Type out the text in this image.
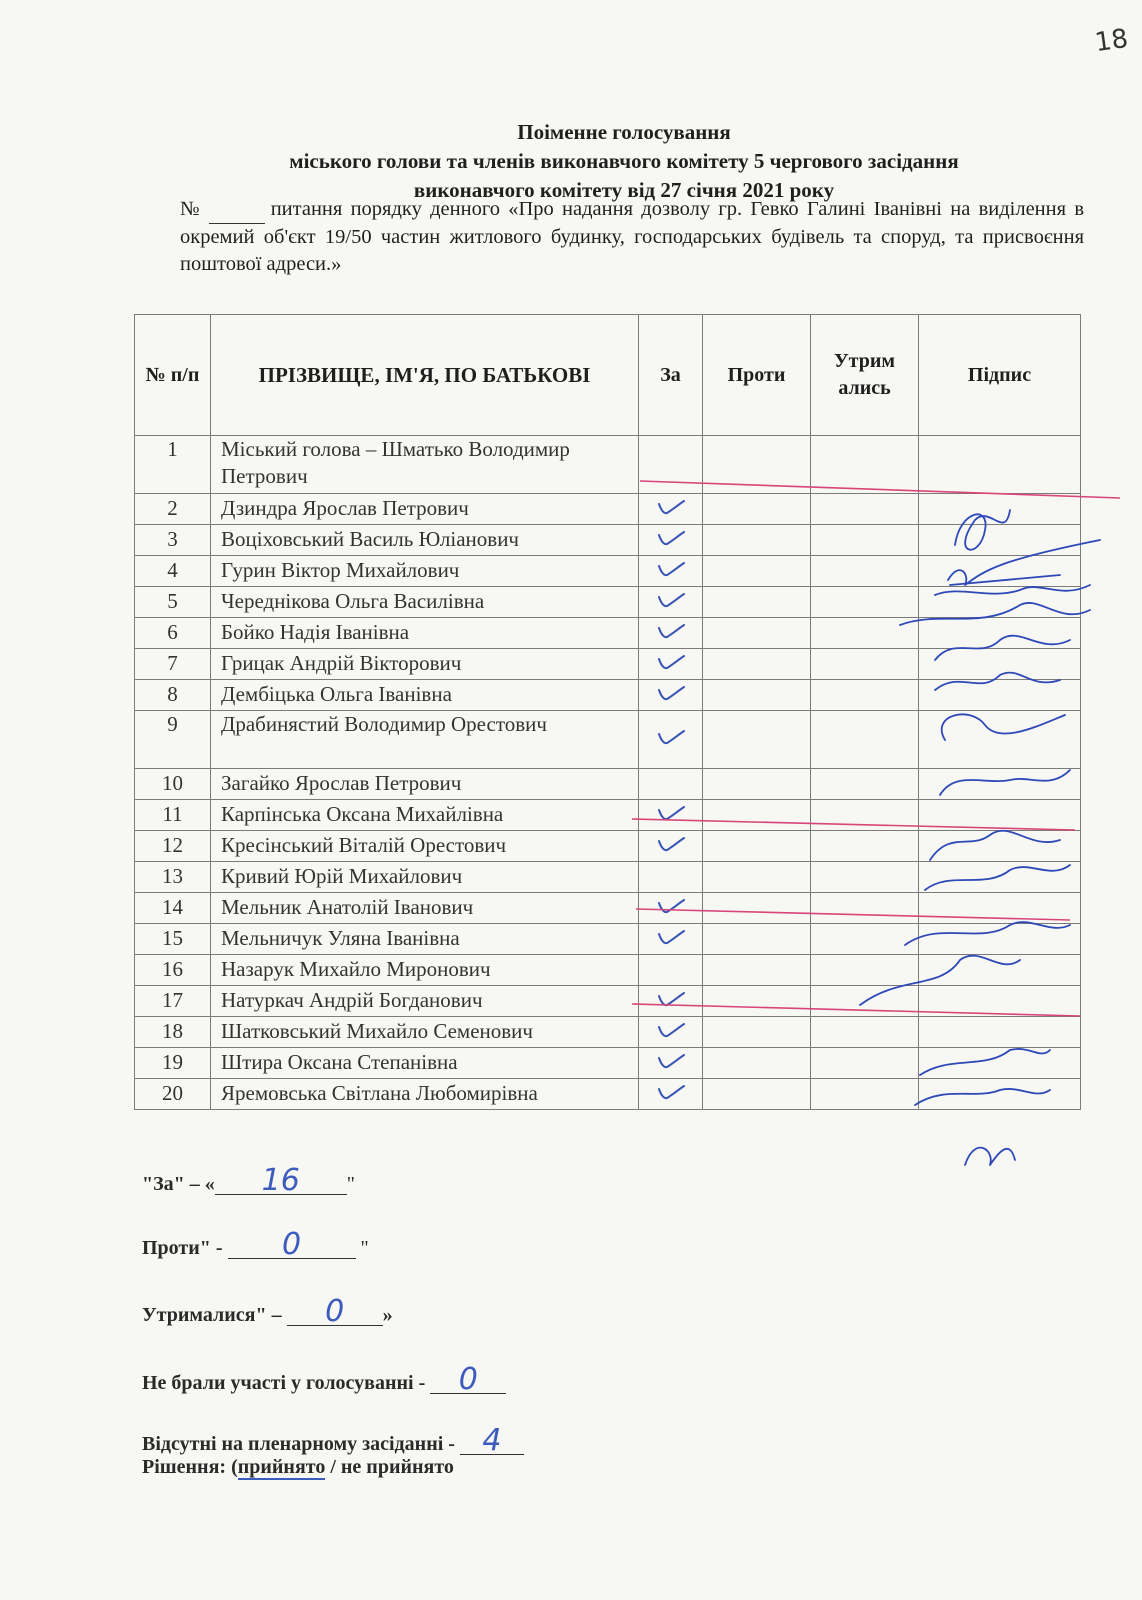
18
Поіменне голосування
міського голови та членів виконавчого комітету 5 чергового засідання
виконавчого комітету від 27 січня 2021 року
№	питання порядку денного «Про надання дозволу гр. Гевко Галині Іванівні на виділення в окремий об'єкт 19/50 частин житлового будинку, господарських будівель та споруд, та присвоєння поштової адреси.»
№ п/п	ПРІЗВИЩЕ, ІМ'Я, ПО БАТЬКОВІ	За	Проти	Утрим ались	Підпис
1	Міський голова – Шматько Володимир Петрович				
2	Дзиндра Ярослав Петрович				
3	Воціховський Василь Юліанович				
4	Гурин Віктор Михайлович				
5	Череднікова Ольга Василівна				
6	Бойко Надія Іванівна				
7	Грицак Андрій Вікторович				
8	Дембіцька Ольга Іванівна				
9	Драбинястий Володимир Орестович				
10	Загайко Ярослав Петрович				
11	Карпінська Оксана Михайлівна				
12	Кресінський Віталій Орестович				
13	Кривий Юрій Михайлович				
14	Мельник Анатолій Іванович				
15	Мельничук Уляна Іванівна				
16	Назарук Михайло Миронович				
17	Натуркач Андрій Богданович				
18	Шатковський Михайло Семенович				
19	Штира Оксана Степанівна				
20	Яремовська Світлана Любомирівна				
"За" – « 16 "
Проти" - 0	"
Утрималися" – 0 »
Не брали участі у голосуванні - 0
Відсутні на пленарному засіданні - 4
Рішення: (прийнято / не прийнято
